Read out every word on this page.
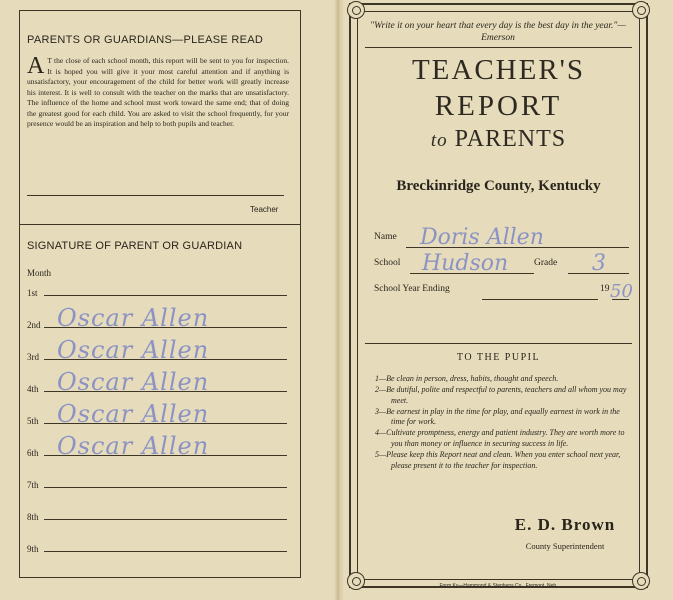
PARENTS OR GUARDIANS—PLEASE READ
A T the close of each school month, this report will be sent to you for inspection. It is hoped you will give it your most careful attention and if anything is unsatisfactory, your encouragement of the child for better work will greatly increase his interest. It is well to consult with the teacher on the marks that are unsatisfactory. The influence of the home and school must work toward the same end; that of doing the greatest good for each child. You are asked to visit the school frequently, for your presence would be an inspiration and help to both pupils and teacher.
Teacher
SIGNATURE OF PARENT OR GUARDIAN
Month
1st
2nd Oscar Allen
3rd Oscar Allen
4th Oscar Allen
5th Oscar Allen
6th Oscar Allen
7th
8th
9th
"Write it on your heart that every day is the best day in the year."—Emerson
TEACHER'S
REPORT
to PARENTS
Breckinridge County, Kentucky
Name Doris Allen
School Hudson	Grade 3
School Year Ending	19 50
TO THE PUPIL
1—Be clean in person, dress, habits, thought and speech.
2—Be dutiful, polite and respectful to parents, teachers and all whom you may meet.
3—Be earnest in play in the time for play, and equally earnest in work in the time for work.
4—Cultivate promptness, energy and patient industry. They are worth more to you than money or influence in securing success in life.
5—Please keep this Report neat and clean. When you enter school next year, please present it to the teacher for inspection.
E. D. Brown
County Superintendent
Form Ky—Hammond & Stephens Co., Fremont, Neb.
